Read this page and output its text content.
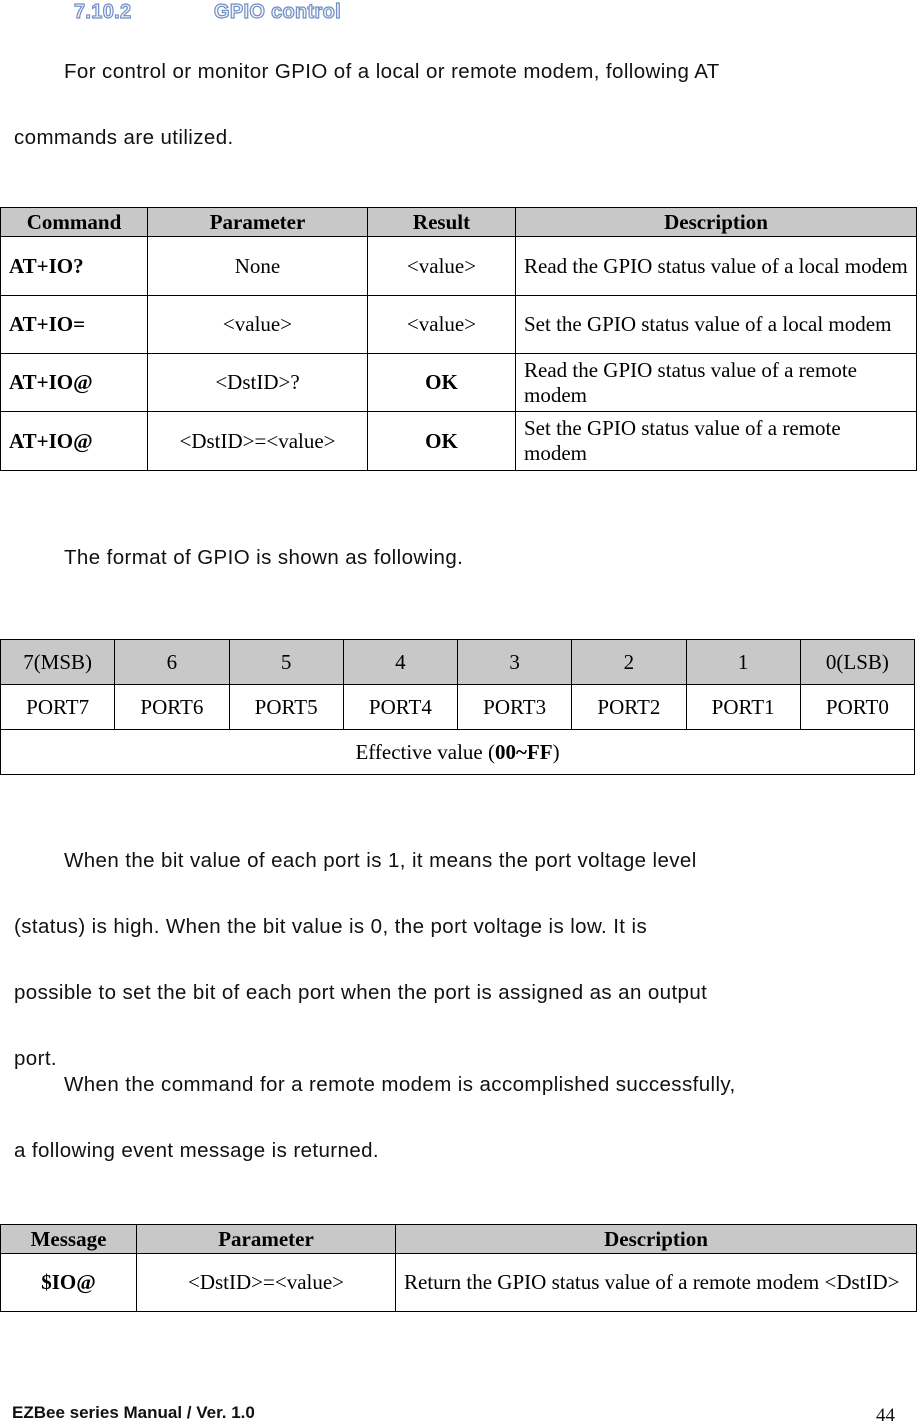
7.10.2	GPIO control
For control or monitor GPIO of a local or remote modem, following AT
commands are utilized.
Command	Parameter	Result	Description
AT+IO?	None	<value>	Read the GPIO status value of a local modem
AT+IO=	<value>	<value>	Set the GPIO status value of a local modem
AT+IO@	<DstID>?	OK	Read the GPIO status value of a remote modem
AT+IO@	<DstID>=<value>	OK	Set the GPIO status value of a remote modem
The format of GPIO is shown as following.
7(MSB)	6	5	4	3	2	1	0(LSB)
PORT7	PORT6	PORT5	PORT4	PORT3	PORT2	PORT1	PORT0
Effective value (00~FF)							
When the bit value of each port is 1, it means the port voltage level
(status) is high. When the bit value is 0, the port voltage is low. It is
possible to set the bit of each port when the port is assigned as an output
port.
When the command for a remote modem is accomplished successfully,
a following event message is returned.
Message	Parameter	Description
$IO@	<DstID>=<value>	Return the GPIO status value of a remote modem <DstID>
EZBee series Manual / Ver. 1.0	44
